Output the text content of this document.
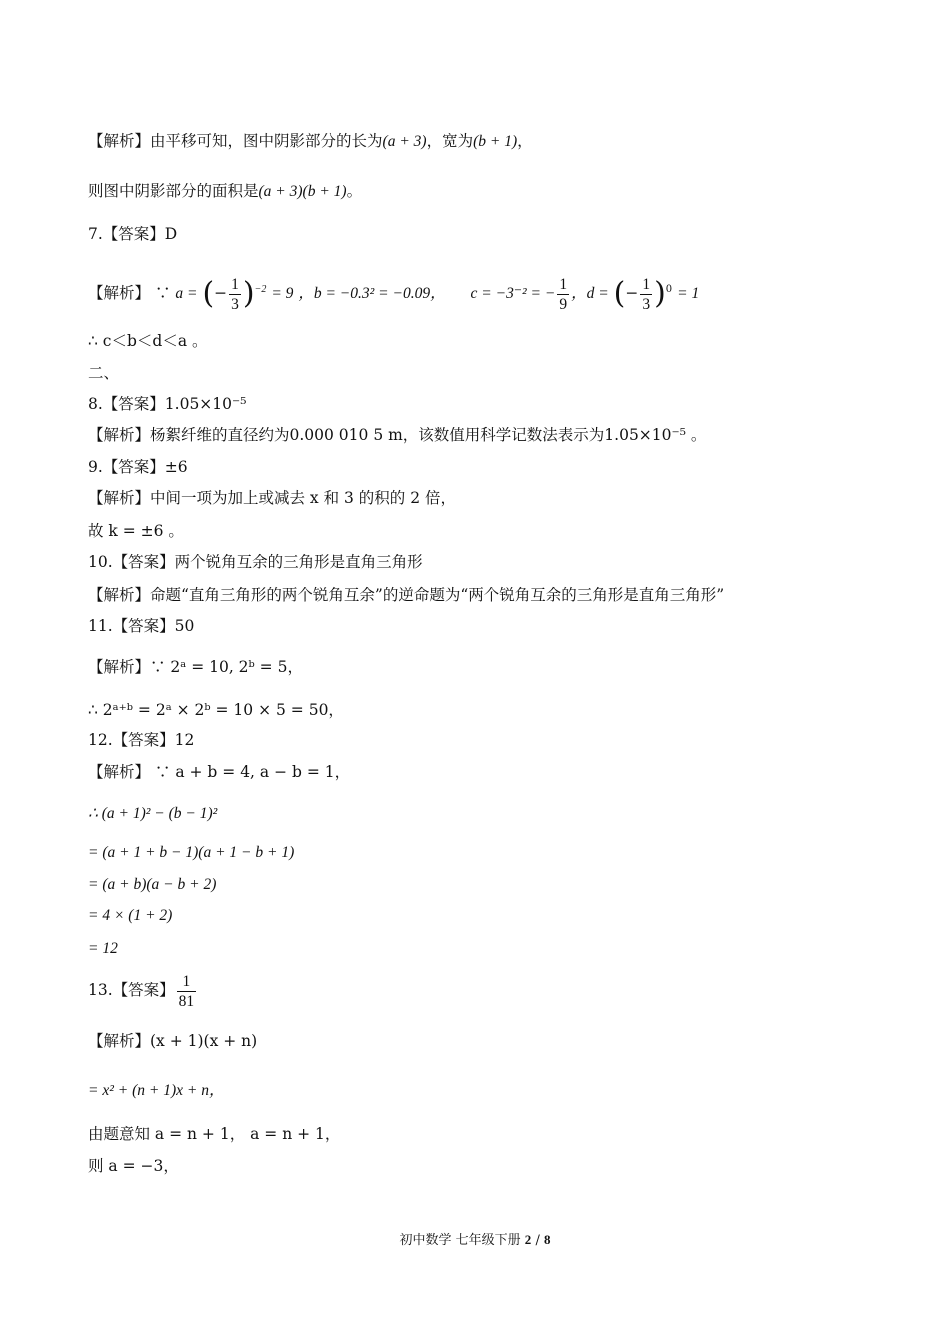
【解析】由平移可知，图中阴影部分的长为(a + 3)，宽为(b + 1)，
则图中阴影部分的面积是(a + 3)(b + 1)。
7.【答案】D
【解析】 ∵ a = (− $\frac{1}{3} )^{-2} = 9$ ，b = −0.3² = −0.09， c = −3⁻² = − $\frac{1}{9}$ ，d = (− $\frac{1}{3} )^0 = 1$
∴ c＜b＜d＜a 。
二、
8.【答案】1.05×10⁻⁵
【解析】杨絮纤维的直径约为0.000 010 5 m，该数值用科学记数法表示为1.05×10⁻⁵ 。
9.【答案】±6
【解析】中间一项为加上或减去 x 和 3 的积的 2 倍，
故 k = ±6 。
10.【答案】两个锐角互余的三角形是直角三角形
【解析】命题“直角三角形的两个锐角互余”的逆命题为“两个锐角互余的三角形是直角三角形”
11.【答案】50
【解析】∵ 2ᵃ = 10, 2ᵇ = 5，
∴ 2ᵃ⁺ᵇ = 2ᵃ × 2ᵇ = 10 × 5 = 50，
12.【答案】12
【解析】 ∵ a + b = 4, a − b = 1，
∴ (a + 1)² − (b − 1)²
= (a + 1 + b − 1)(a + 1 − b + 1)
= (a + b)(a − b + 2)
= 4 × (1 + 2)
= 12
13.【答案】 $\frac{1}{81}$
【解析】(x + 1)(x + n)
= x² + (n + 1)x + n，
由题意知 a = n + 1， a = n + 1，
则 a = −3，
初中数学 七年级下册 2 / 8
